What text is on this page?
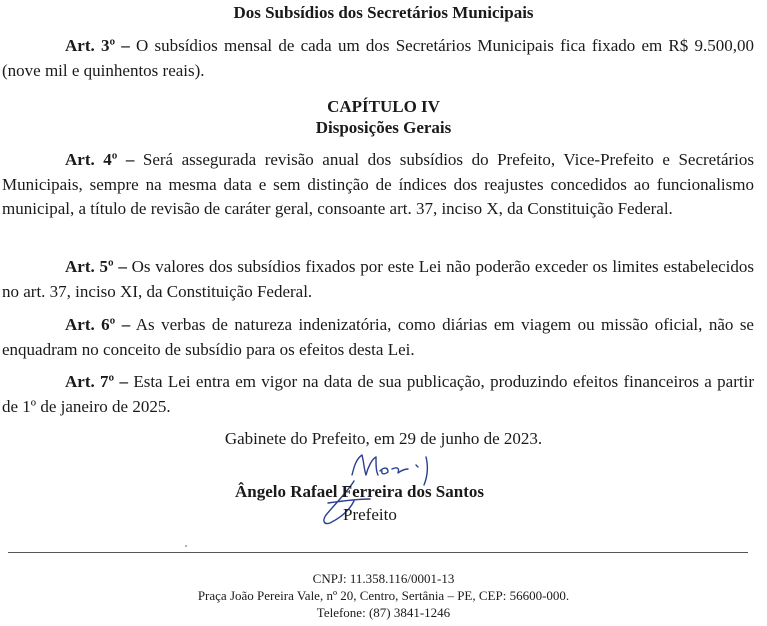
Dos Subsídios dos Secretários Municipais
Art. 3º – O subsídios mensal de cada um dos Secretários Municipais fica fixado em R$ 9.500,00 (nove mil e quinhentos reais).
CAPÍTULO IV
Disposições Gerais
Art. 4º – Será assegurada revisão anual dos subsídios do Prefeito, Vice-Prefeito e Secretários Municipais, sempre na mesma data e sem distinção de índices dos reajustes concedidos ao funcionalismo municipal, a título de revisão de caráter geral, consoante art. 37, inciso X, da Constituição Federal.
Art. 5º – Os valores dos subsídios fixados por este Lei não poderão exceder os limites estabelecidos no art. 37, inciso XI, da Constituição Federal.
Art. 6º – As verbas de natureza indenizatória, como diárias em viagem ou missão oficial, não se enquadram no conceito de subsídio para os efeitos desta Lei.
Art. 7º – Esta Lei entra em vigor na data de sua publicação, produzindo efeitos financeiros a partir de 1º de janeiro de 2025.
Gabinete do Prefeito, em 29 de junho de 2023.
Ângelo Rafael Ferreira dos Santos
Prefeito
CNPJ: 11.358.116/0001-13
Praça João Pereira Vale, nº 20, Centro, Sertânia – PE, CEP: 56600-000.
Telefone: (87) 3841-1246
